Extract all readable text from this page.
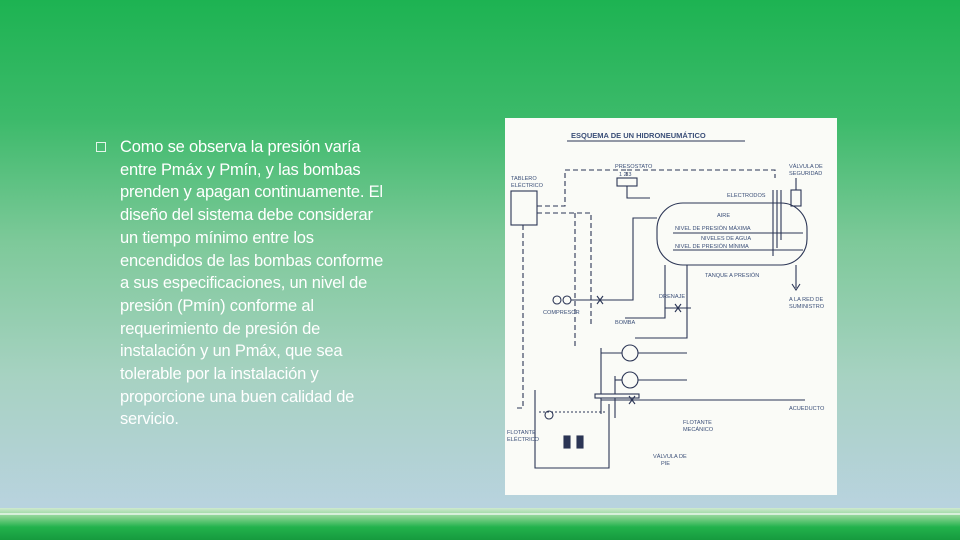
Como se observa la presión varía
entre Pmáx y Pmín, y las bombas
prenden y apagan continuamente. El
diseño del sistema debe considerar
un tiempo mínimo entre los
encendidos de las bombas conforme
a sus especificaciones, un nivel de
presión (Pmín) conforme al
requerimiento de presión de
instalación y un Pmáx, que sea
tolerable por la instalación y
proporcione una buen calidad de
servicio.

ESQUEMA DE UN HIDRONEUMÁTICO
TABLERO
ELÉCTRICO
PRESOSTATO
1 2 3
ELECTRODOS
VÁLVULA DE
SEGURIDAD
AIRE
NIVEL DE PRESIÓN MÁXIMA
NIVELES DE AGUA
NIVEL DE PRESIÓN MÍNIMA
TANQUE A PRESIÓN
A LA RED DE
SUMINISTRO
COMPRESOR
DRENAJE
BOMBA
ACUEDUCTO
FLOTANTE
MECÁNICO
FLOTANTE
ELÉCTRICO
VÁLVULA DE
PIE
